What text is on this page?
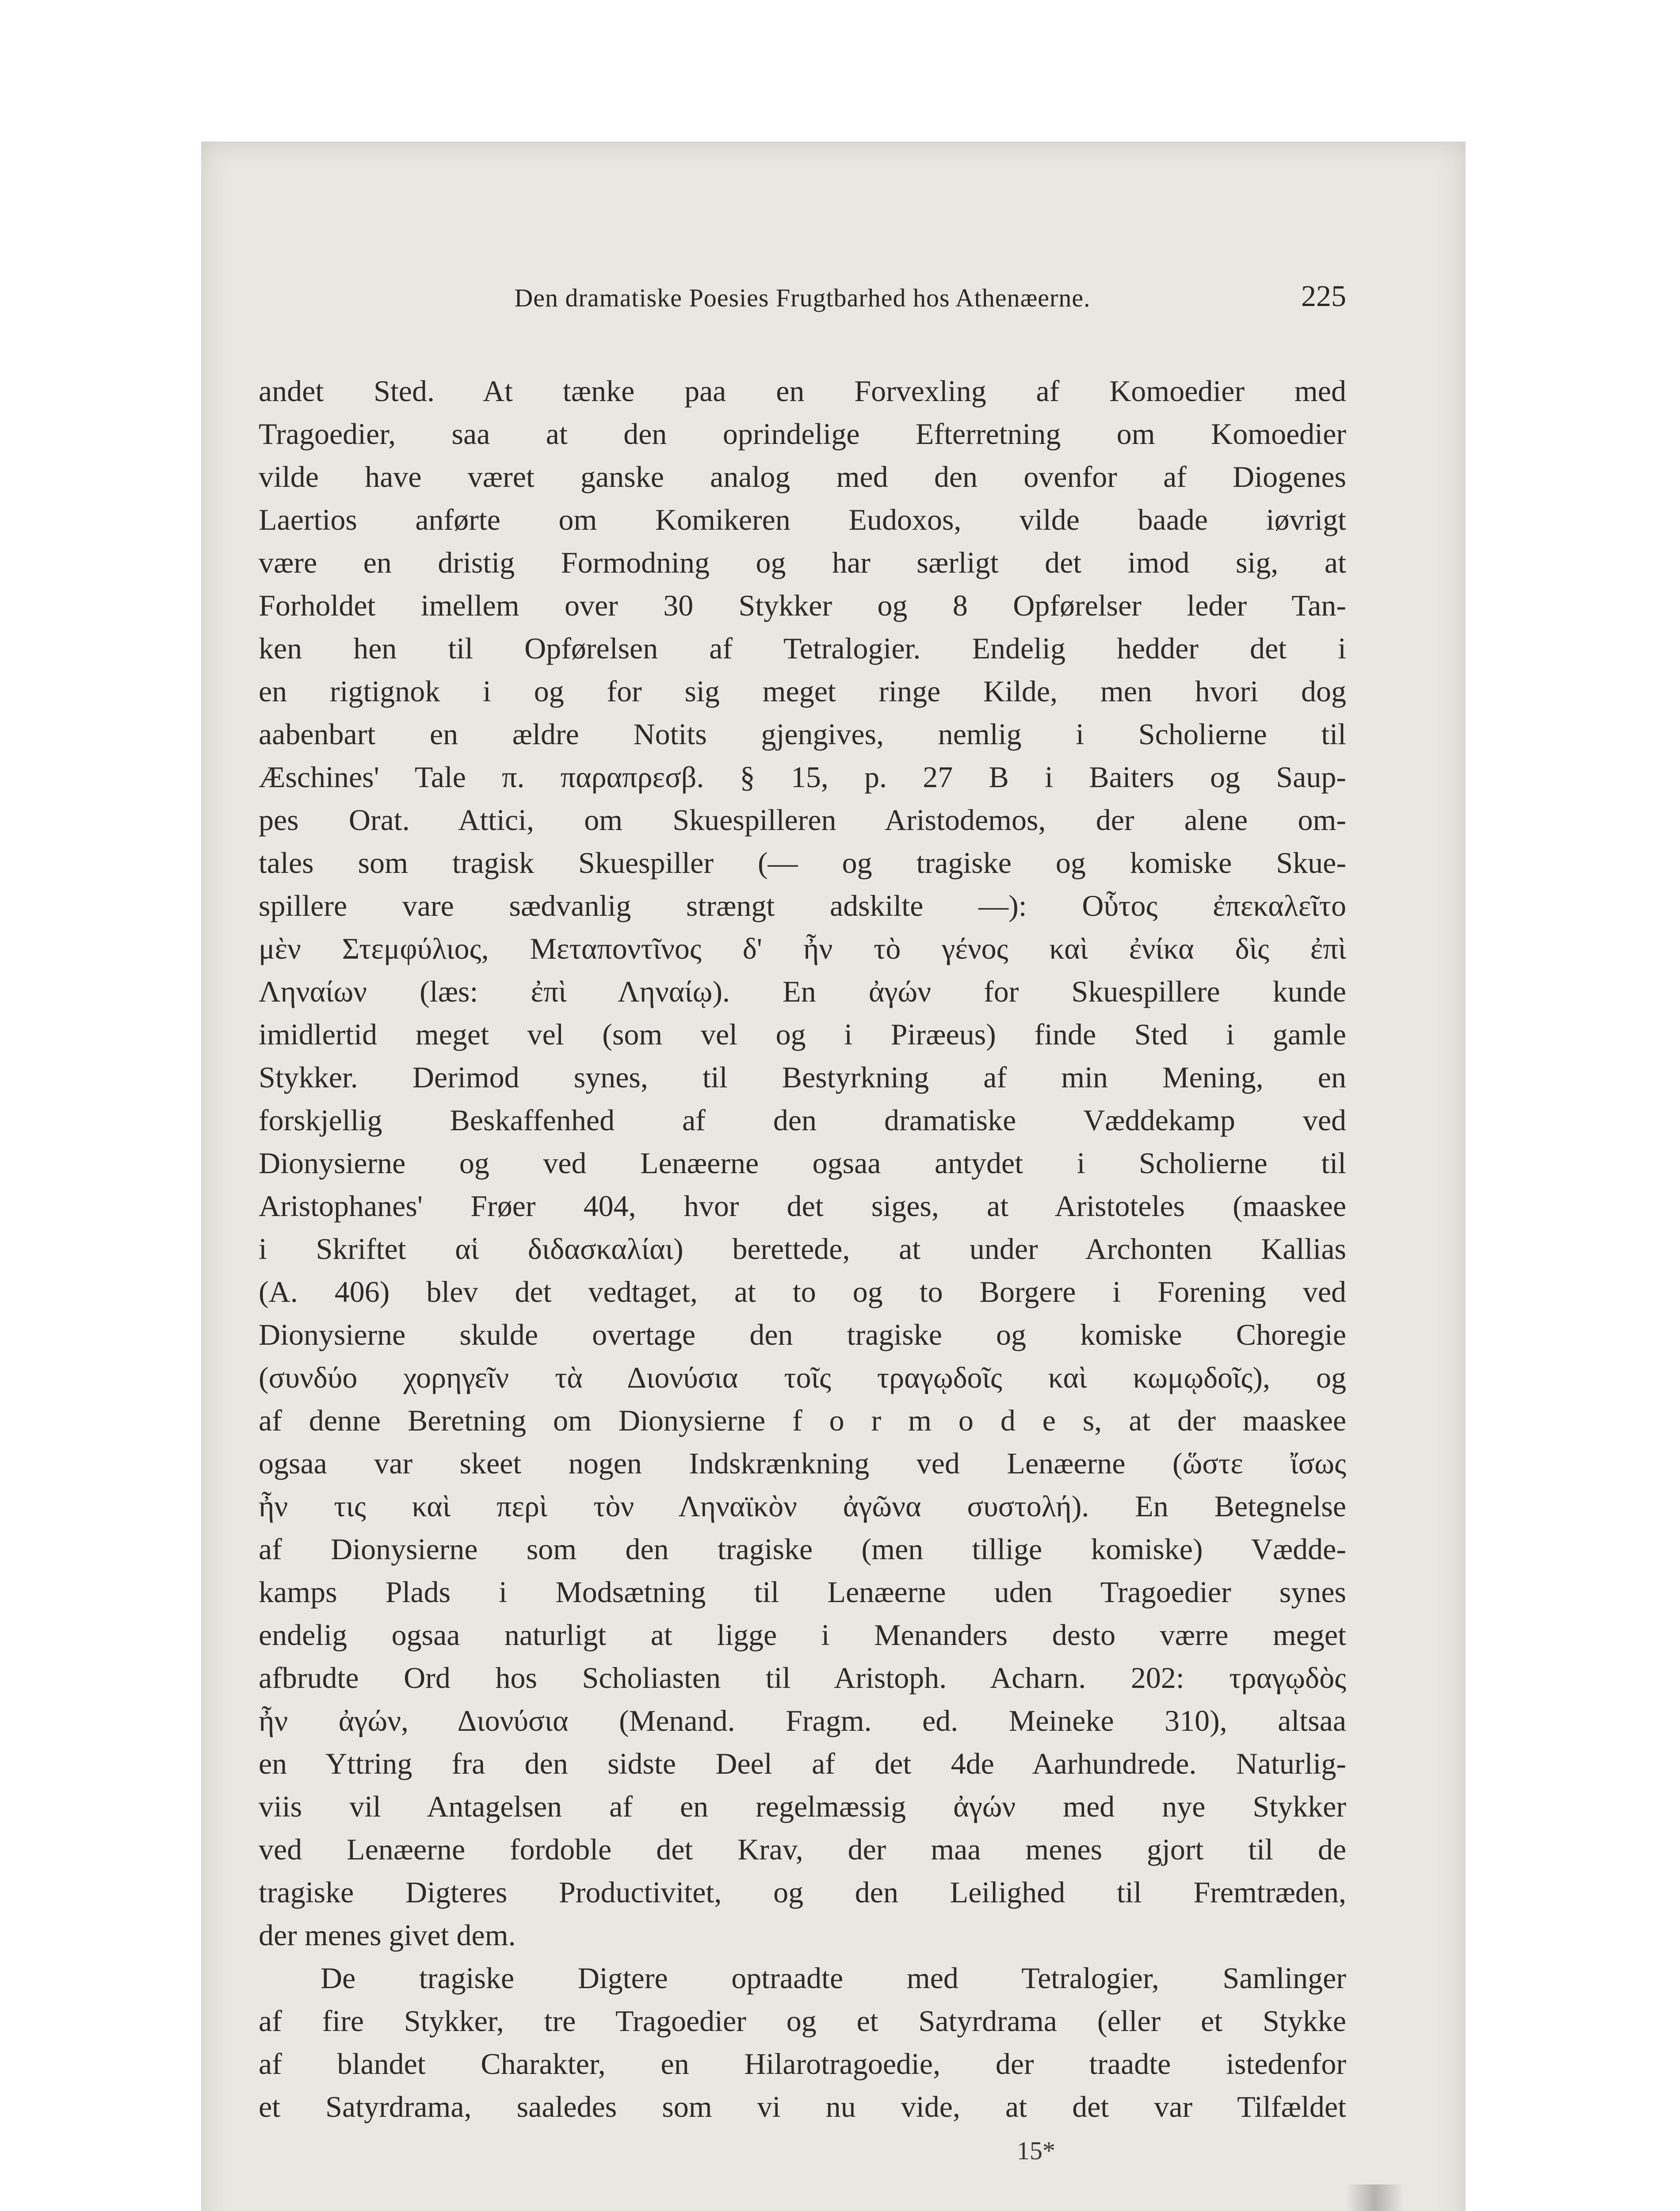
Den dramatiske Poesies Frugtbarhed hos Athenæerne.	225
andet Sted. At tænke paa en Forvexling af Komoedier med
Tragoedier, saa at den oprindelige Efterretning om Komoedier
vilde have været ganske analog med den ovenfor af Diogenes
Laertios anførte om Komikeren Eudoxos, vilde baade iøvrigt
være en dristig Formodning og har særligt det imod sig, at
Forholdet imellem over 30 Stykker og 8 Opførelser leder Tan-
ken hen til Opførelsen af Tetralogier. Endelig hedder det i
en rigtignok i og for sig meget ringe Kilde, men hvori dog
aabenbart en ældre Notits gjengives, nemlig i Scholierne til
Æschines' Tale π. παραπρεσβ. § 15, p. 27 B i Baiters og Saup-
pes Orat. Attici, om Skuespilleren Aristodemos, der alene om-
tales som tragisk Skuespiller (— og tragiske og komiske Skue-
spillere vare sædvanlig strængt adskilte —): Οὗτος ἐπεκαλεῖτο
μὲν Στεμφύλιος, Μεταποντῖνος δ' ἦν τὸ γένος καὶ ἐνίκα δὶς ἐπὶ
Ληναίων (læs: ἐπὶ Ληναίῳ). En ἀγών for Skuespillere kunde
imidlertid meget vel (som vel og i Piræeus) finde Sted i gamle
Stykker. Derimod synes, til Bestyrkning af min Mening, en
forskjellig Beskaffenhed af den dramatiske Væddekamp ved
Dionysierne og ved Lenæerne ogsaa antydet i Scholierne til
Aristophanes' Frøer 404, hvor det siges, at Aristoteles (maaskee
i Skriftet αἱ διδασκαλίαι) berettede, at under Archonten Kallias
(A. 406) blev det vedtaget, at to og to Borgere i Forening ved
Dionysierne skulde overtage den tragiske og komiske Choregie
(συνδύο χορηγεῖν τὰ Διονύσια τοῖς τραγῳδοῖς καὶ κωμῳδοῖς), og
af denne Beretning om Dionysierne f o r m o d e s, at der maaskee
ogsaa var skeet nogen Indskrænkning ved Lenæerne (ὥστε ἴσως
ἦν τις καὶ περὶ τὸν Ληναϊκὸν ἀγῶνα συστολή). En Betegnelse
af Dionysierne som den tragiske (men tillige komiske) Vædde-
kamps Plads i Modsætning til Lenæerne uden Tragoedier synes
endelig ogsaa naturligt at ligge i Menanders desto værre meget
afbrudte Ord hos Scholiasten til Aristoph. Acharn. 202: τραγῳδὸς
ἦν ἀγών, Διονύσια (Menand. Fragm. ed. Meineke 310), altsaa
en Yttring fra den sidste Deel af det 4de Aarhundrede. Naturlig-
viis vil Antagelsen af en regelmæssig ἀγών med nye Stykker
ved Lenæerne fordoble det Krav, der maa menes gjort til de
tragiske Digteres Productivitet, og den Leilighed til Fremtræden,
der menes givet dem.
De tragiske Digtere optraadte med Tetralogier, Samlinger
af fire Stykker, tre Tragoedier og et Satyrdrama (eller et Stykke
af blandet Charakter, en Hilarotragoedie, der traadte istedenfor
et Satyrdrama, saaledes som vi nu vide, at det var Tilfældet
15*
